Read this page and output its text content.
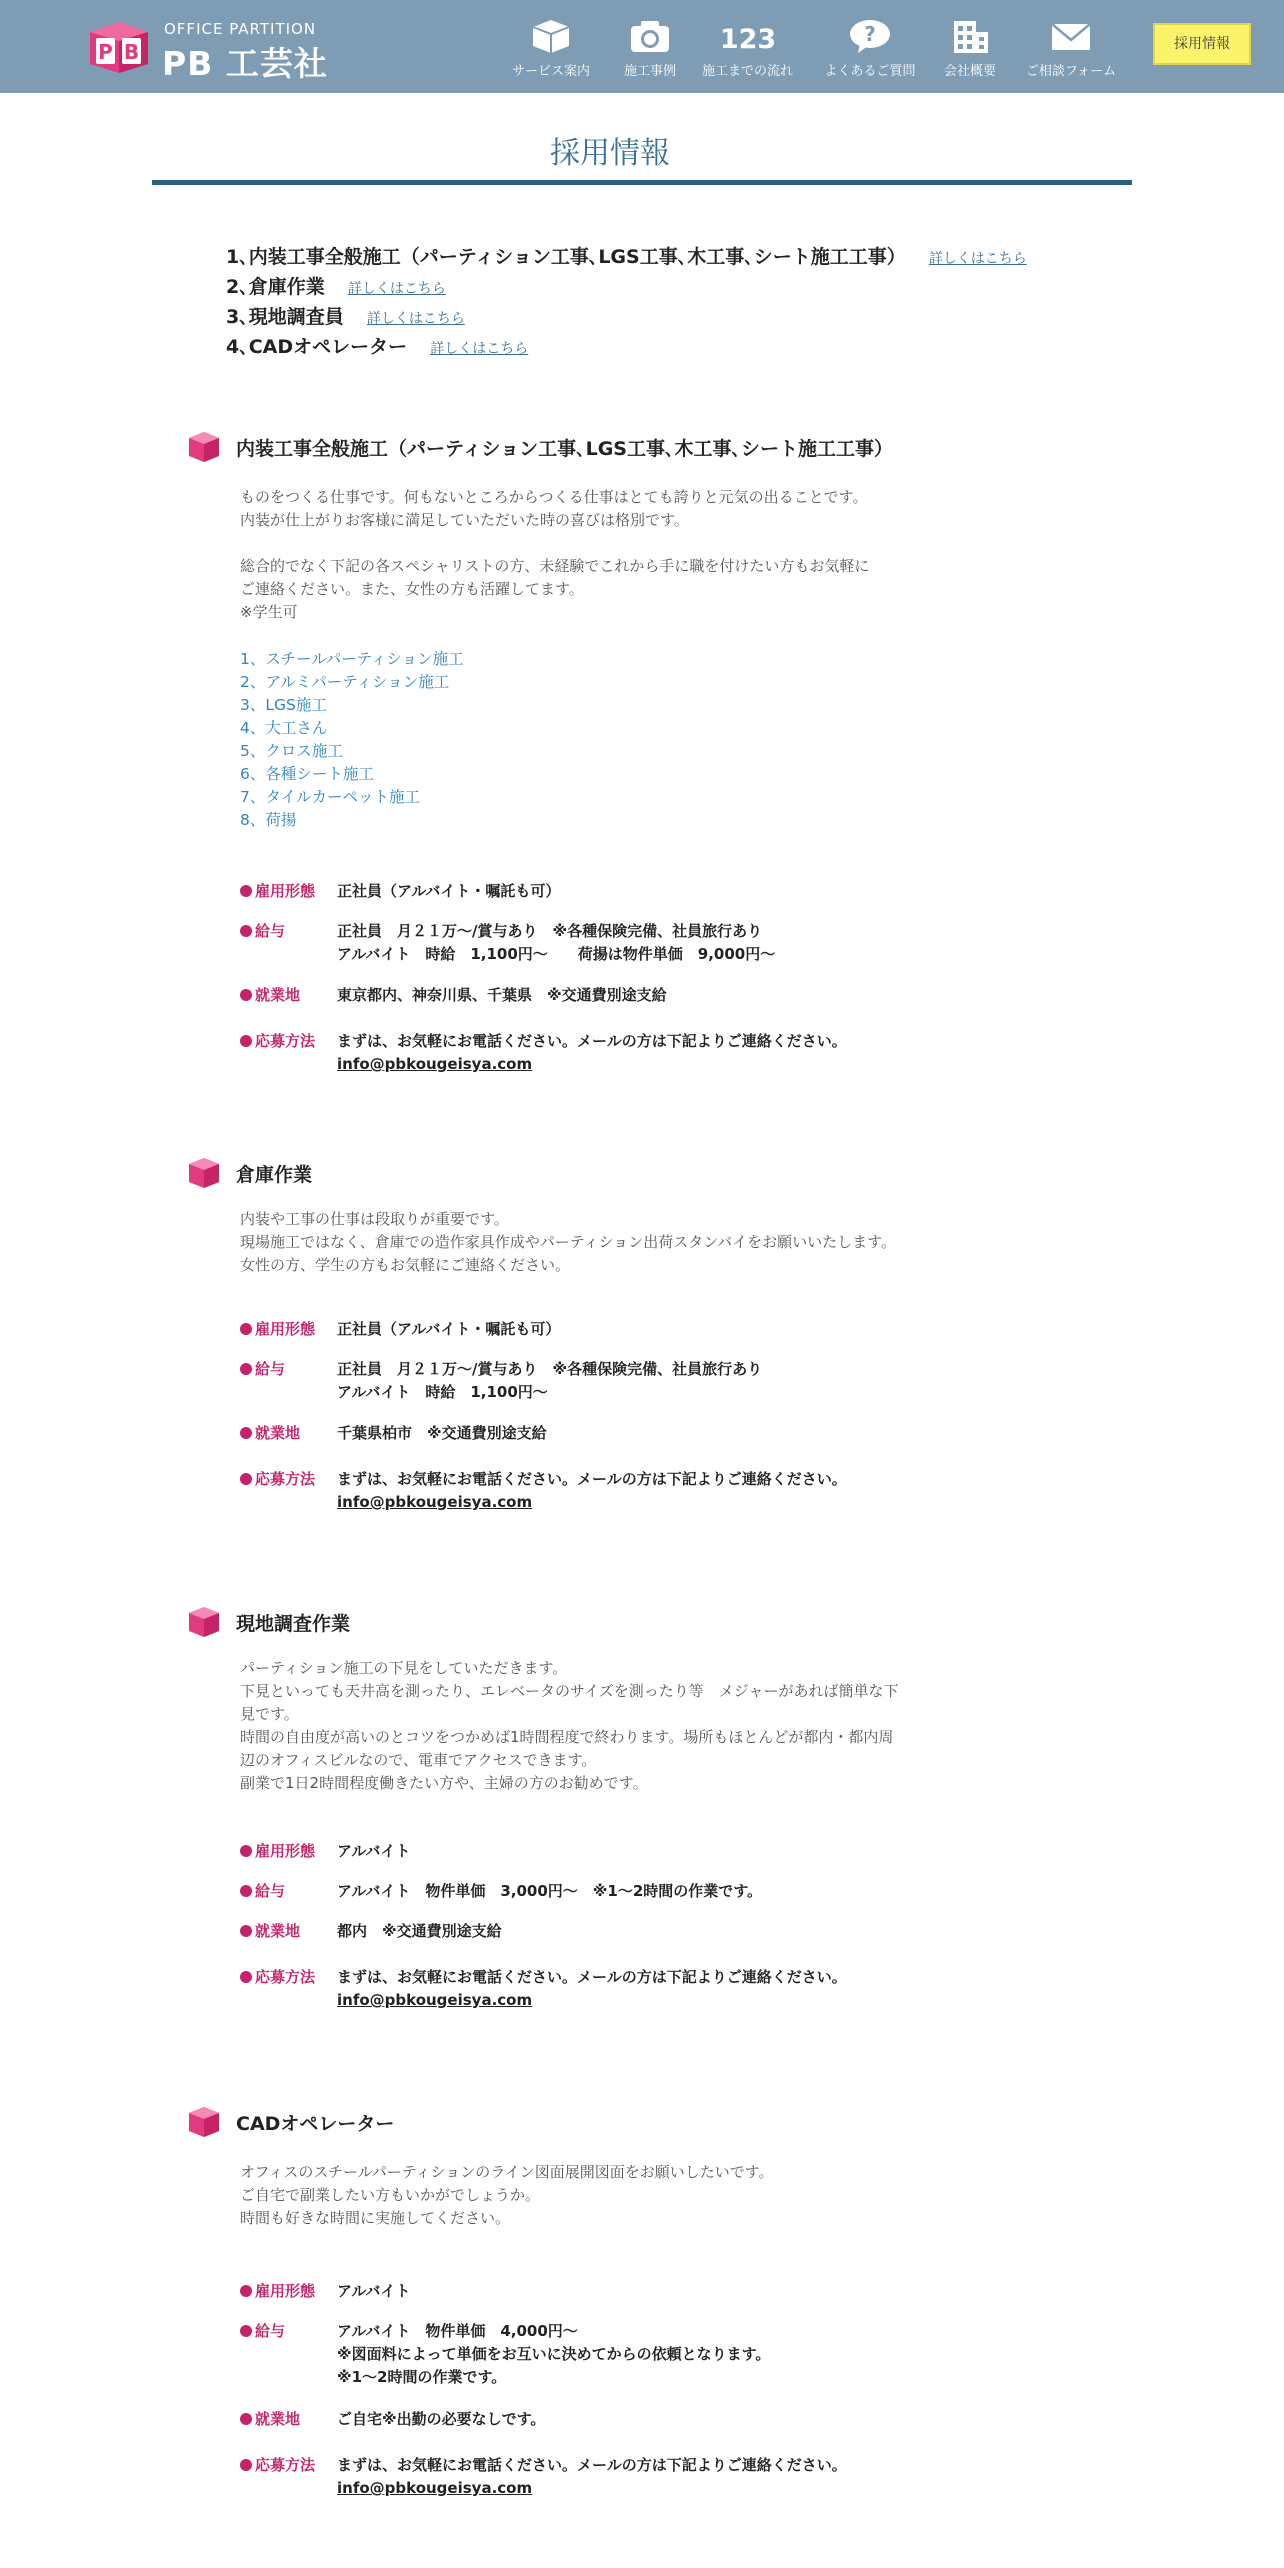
P B
OFFICE PARTITION
PB 工芸社	サービス案内	施工事例
123
施工までの流れ
?
よくあるご質問	会社概要	ご相談フォーム
採用情報
採用情報
1､内装工事全般施工（パーティション工事､LGS工事､木工事､シート施工工事） 詳しくはこちら
2､倉庫作業 詳しくはこちら
3､現地調査員 詳しくはこちら
4､CADオペレーター 詳しくはこちら
内装工事全般施工（パーティション工事､LGS工事､木工事､シート施工工事）
ものをつくる仕事です。何もないところからつくる仕事はとても誇りと元気の出ることです。
内装が仕上がりお客様に満足していただいた時の喜びは格別です。
総合的でなく下記の各スペシャリストの方、未経験でこれから手に職を付けたい方もお気軽に
ご連絡ください。また、女性の方も活躍してます。
※学生可
1、スチールパーティション施工
2、アルミパーティション施工
3、LGS施工
4、大工さん
5、クロス施工
6、各種シート施工
7、タイルカーペット施工
8、荷揚
雇用形態 正社員（アルバイト・嘱託も可）
給与	正社員　月２１万〜/賞与あり　※各種保険完備、社員旅行あり
アルバイト　時給　1,100円〜　　荷揚は物件単価　9,000円〜
就業地 東京都内、神奈川県、千葉県　※交通費別途支給
応募方法 まずは、お気軽にお電話ください。メールの方は下記よりご連絡ください。
info@pbkougeisya.com
倉庫作業
内装や工事の仕事は段取りが重要です。
現場施工ではなく、倉庫での造作家具作成やパーティション出荷スタンバイをお願いいたします。
女性の方、学生の方もお気軽にご連絡ください。
雇用形態 正社員（アルバイト・嘱託も可）
給与	正社員　月２１万〜/賞与あり　※各種保険完備、社員旅行あり
アルバイト　時給　1,100円〜
就業地 千葉県柏市　※交通費別途支給
応募方法 まずは、お気軽にお電話ください。メールの方は下記よりご連絡ください。
info@pbkougeisya.com
現地調査作業
パーティション施工の下見をしていただきます。
下見といっても天井高を測ったり、エレベータのサイズを測ったり等　メジャーがあれば簡単な下
見です。
時間の自由度が高いのとコツをつかめば1時間程度で終わります。場所もほとんどが都内・都内周
辺のオフィスビルなので、電車でアクセスできます。
副業で1日2時間程度働きたい方や、主婦の方のお勧めです。
雇用形態 アルバイト
給与	アルバイト　物件単価　3,000円〜　※1〜2時間の作業です。
就業地 都内　※交通費別途支給
応募方法 まずは、お気軽にお電話ください。メールの方は下記よりご連絡ください。
info@pbkougeisya.com
CADオペレーター
オフィスのスチールパーティションのライン図面展開図面をお願いしたいです。
ご自宅で副業したい方もいかがでしょうか。
時間も好きな時間に実施してください。
雇用形態 アルバイト
給与	アルバイト　物件単価　4,000円〜
※図面料によって単価をお互いに決めてからの依頼となります。
※1〜2時間の作業です。
就業地 ご自宅※出勤の必要なしです。
応募方法 まずは、お気軽にお電話ください。メールの方は下記よりご連絡ください。
info@pbkougeisya.com
